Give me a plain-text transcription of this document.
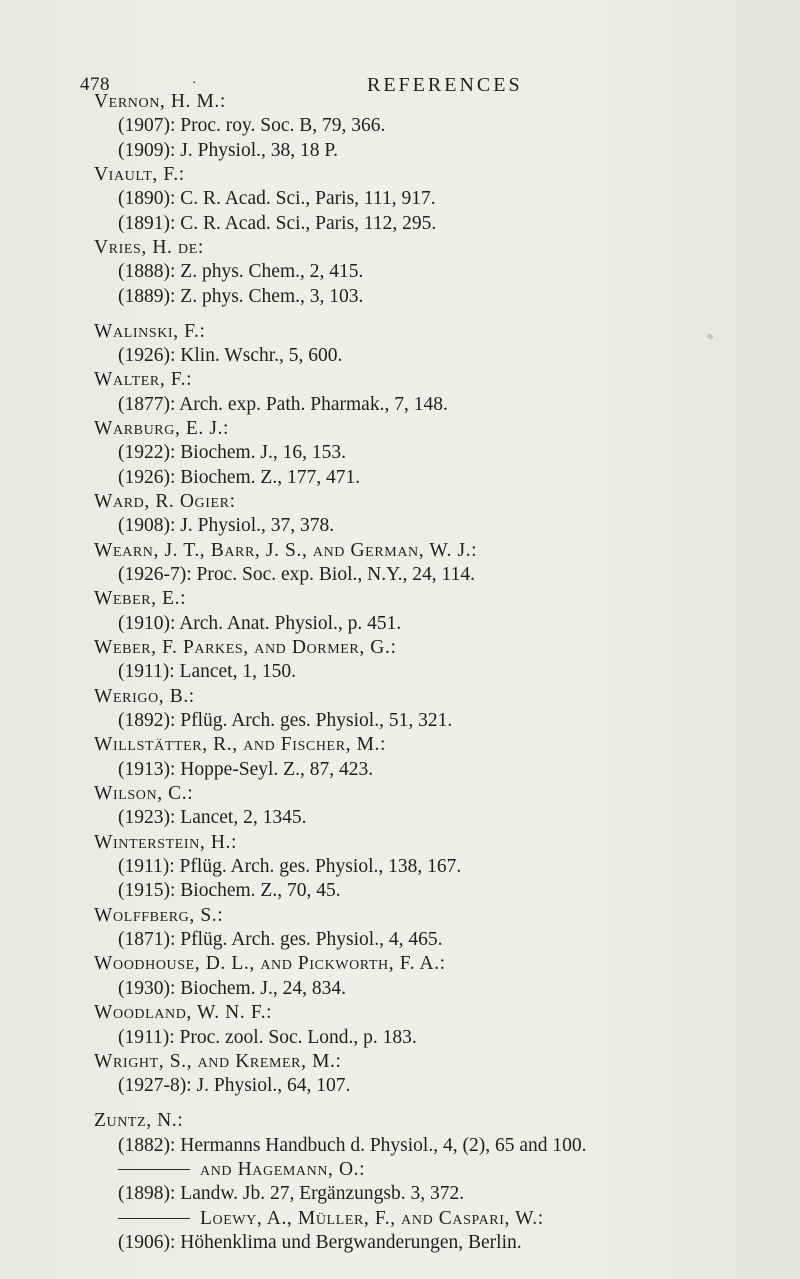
478	·	REFERENCES
Vernon, H. M.:
(1907): Proc. roy. Soc. B, 79, 366.
(1909): J. Physiol., 38, 18 P.
Viault, F.:
(1890): C. R. Acad. Sci., Paris, 111, 917.
(1891): C. R. Acad. Sci., Paris, 112, 295.
Vries, H. de:
(1888): Z. phys. Chem., 2, 415.
(1889): Z. phys. Chem., 3, 103.
Walinski, F.:
(1926): Klin. Wschr., 5, 600.
Walter, F.:
(1877): Arch. exp. Path. Pharmak., 7, 148.
Warburg, E. J.:
(1922): Biochem. J., 16, 153.
(1926): Biochem. Z., 177, 471.
Ward, R. Ogier:
(1908): J. Physiol., 37, 378.
Wearn, J. T., Barr, J. S., and German, W. J.:
(1926-7): Proc. Soc. exp. Biol., N.Y., 24, 114.
Weber, E.:
(1910): Arch. Anat. Physiol., p. 451.
Weber, F. Parkes, and Dormer, G.:
(1911): Lancet, 1, 150.
Werigo, B.:
(1892): Pflüg. Arch. ges. Physiol., 51, 321.
Willstätter, R., and Fischer, M.:
(1913): Hoppe-Seyl. Z., 87, 423.
Wilson, C.:
(1923): Lancet, 2, 1345.
Winterstein, H.:
(1911): Pflüg. Arch. ges. Physiol., 138, 167.
(1915): Biochem. Z., 70, 45.
Wolffberg, S.:
(1871): Pflüg. Arch. ges. Physiol., 4, 465.
Woodhouse, D. L., and Pickworth, F. A.:
(1930): Biochem. J., 24, 834.
Woodland, W. N. F.:
(1911): Proc. zool. Soc. Lond., p. 183.
Wright, S., and Kremer, M.:
(1927-8): J. Physiol., 64, 107.
Zuntz, N.:
(1882): Hermanns Handbuch d. Physiol., 4, (2), 65 and 100.
and Hagemann, O.:
(1898): Landw. Jb. 27, Ergänzungsb. 3, 372.
Loewy, A., Müller, F., and Caspari, W.:
(1906): Höhenklima und Bergwanderungen, Berlin.
